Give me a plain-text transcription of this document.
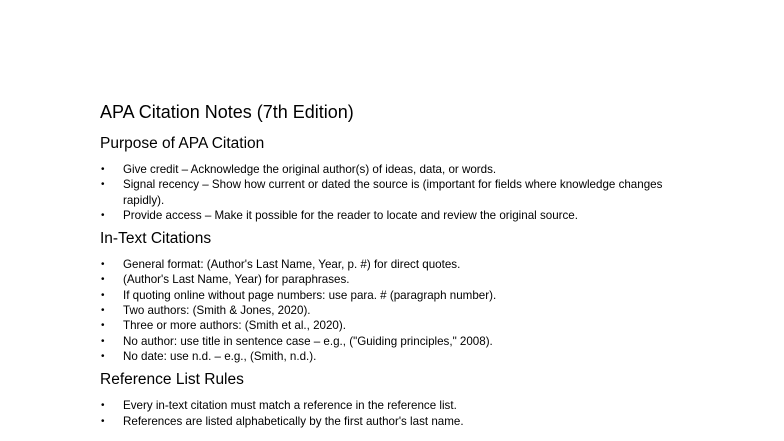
APA Citation Notes (7th Edition)
Purpose of APA Citation
• Give credit – Acknowledge the original author(s) of ideas, data, or words.
• Signal recency – Show how current or dated the source is (important for fields where knowledge changes rapidly).
• Provide access – Make it possible for the reader to locate and review the original source.
In-Text Citations
• General format: (Author's Last Name, Year, p. #) for direct quotes.
• (Author's Last Name, Year) for paraphrases.
• If quoting online without page numbers: use para. # (paragraph number).
• Two authors: (Smith & Jones, 2020).
• Three or more authors: (Smith et al., 2020).
• No author: use title in sentence case – e.g., ("Guiding principles," 2008).
• No date: use n.d. – e.g., (Smith, n.d.).
Reference List Rules
• Every in-text citation must match a reference in the reference list.
• References are listed alphabetically by the first author's last name.
